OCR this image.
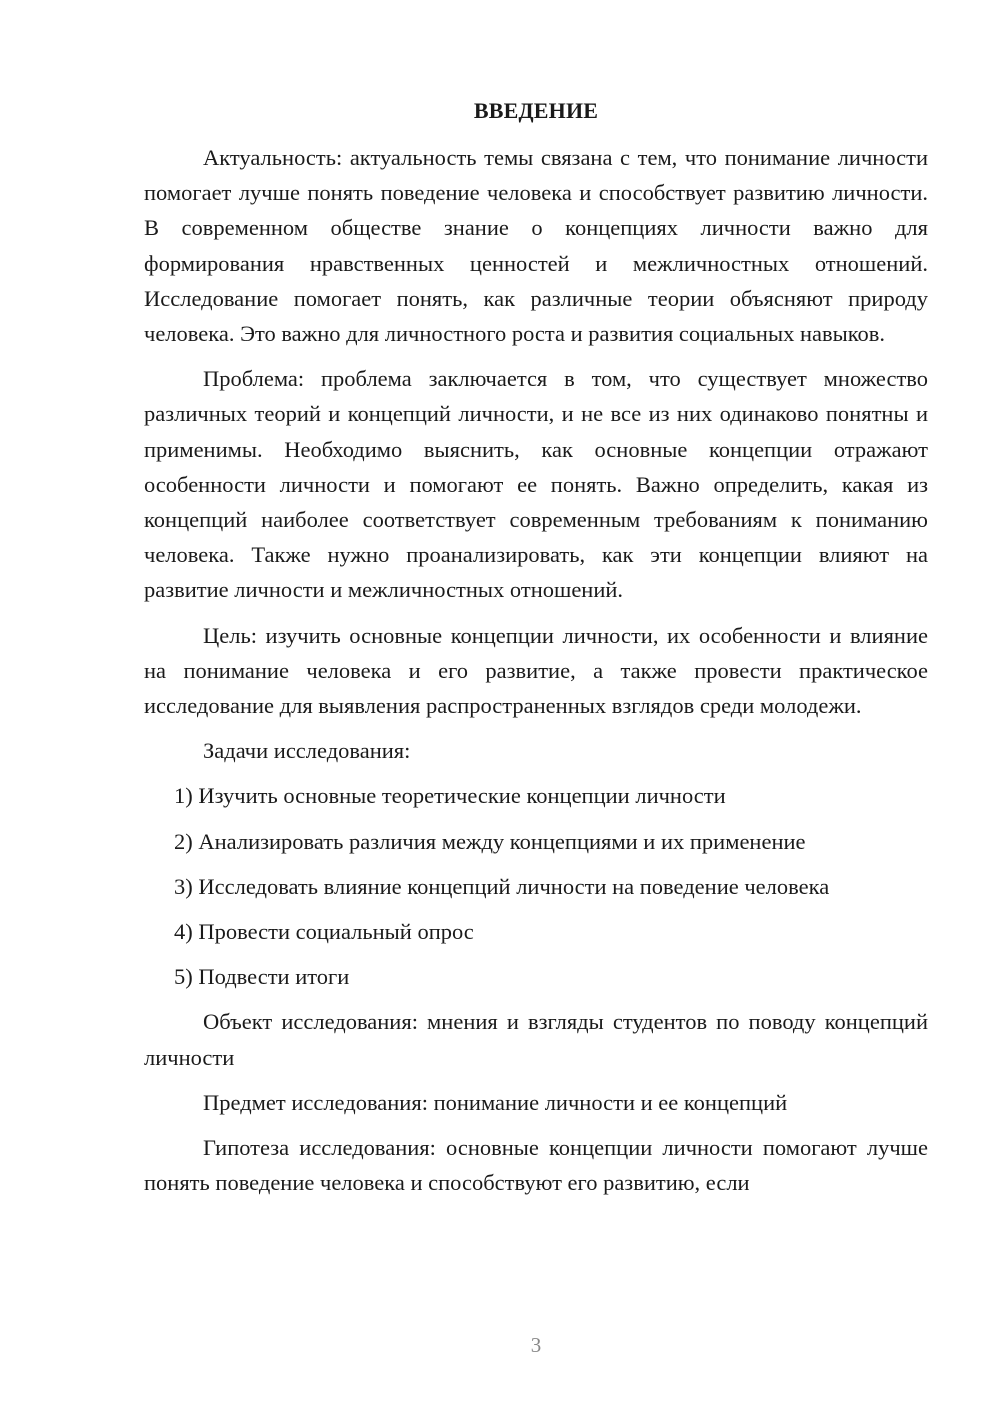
ВВЕДЕНИЕ

Актуальность: актуальность темы связана с тем, что понимание личности помогает лучше понять поведение человека и способствует развитию личности. В современном обществе знание о концепциях личности важно для формирования нравственных ценностей и межличностных отношений. Исследование помогает понять, как различные теории объясняют природу человека. Это важно для личностного роста и развития социальных навыков.

Проблема: проблема заключается в том, что существует множество различных теорий и концепций личности, и не все из них одинаково понятны и применимы. Необходимо выяснить, как основные концепции отражают особенности личности и помогают ее понять. Важно определить, какая из концепций наиболее соответствует современным требованиям к пониманию человека. Также нужно проанализировать, как эти концепции влияют на развитие личности и межличностных отношений.

Цель: изучить основные концепции личности, их особенности и влияние на понимание человека и его развитие, а также провести практическое исследование для выявления распространенных взглядов среди молодежи.

Задачи исследования:

1) Изучить основные теоретические концепции личности
2) Анализировать различия между концепциями и их применение
3) Исследовать влияние концепций личности на поведение человека
4) Провести социальный опрос
5) Подвести итоги

Объект исследования: мнения и взгляды студентов по поводу концепций личности

Предмет исследования: понимание личности и ее концепций

Гипотеза исследования: основные концепции личности помогают лучше понять поведение человека и способствуют его развитию, если

3
